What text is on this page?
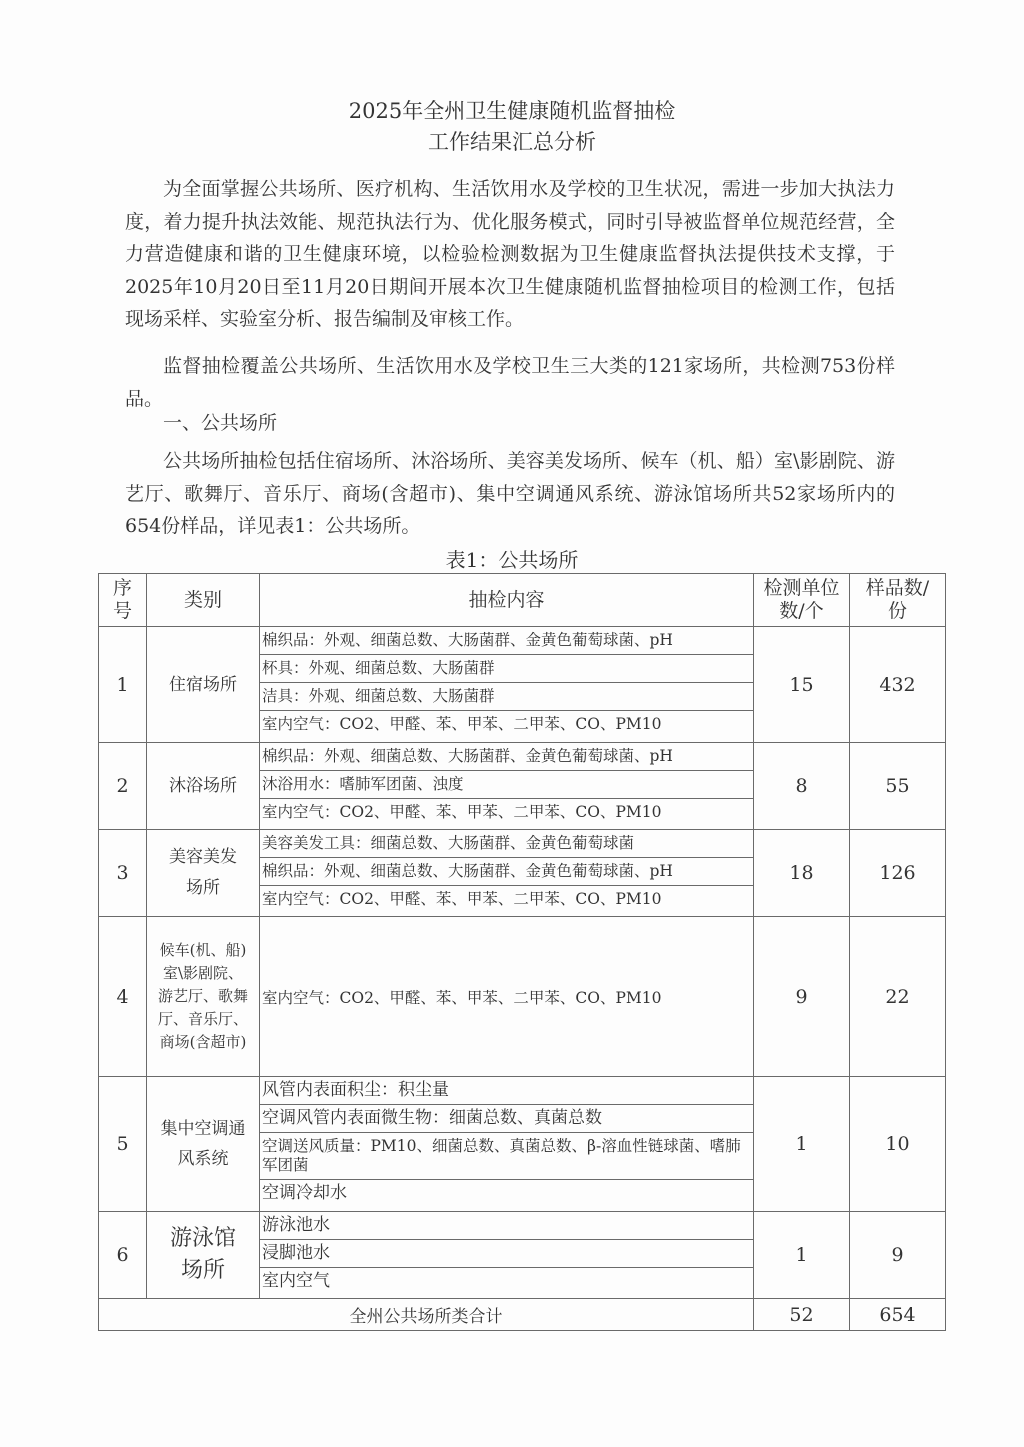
2025年全州卫生健康随机监督抽检
工作结果汇总分析

为全面掌握公共场所、医疗机构、生活饮用水及学校的卫生状况，需进一步加大执法力度，着力提升执法效能、规范执法行为、优化服务模式，同时引导被监督单位规范经营，全力营造健康和谐的卫生健康环境，以检验检测数据为卫生健康监督执法提供技术支撑，于2025年10月20日至11月20日期间开展本次卫生健康随机监督抽检项目的检测工作，包括现场采样、实验室分析、报告编制及审核工作。

监督抽检覆盖公共场所、生活饮用水及学校卫生三大类的121家场所，共检测753份样品。

一、公共场所

公共场所抽检包括住宿场所、沐浴场所、美容美发场所、候车（机、船）室\影剧院、游艺厅、歌舞厅、音乐厅、商场(含超市)、集中空调通风系统、游泳馆场所共52家场所内的654份样品，详见表1：公共场所。

表1：公共场所
序号	类别	抽检内容	检测单位数/个	样品数/份

1	住宿场所	棉织品：外观、细菌总数、大肠菌群、金黄色葡萄球菌、pH
杯具：外观、细菌总数、大肠菌群
洁具：外观、细菌总数、大肠菌群
室内空气：CO2、甲醛、苯、甲苯、二甲苯、CO、PM10	15	432
2	沐浴场所	棉织品：外观、细菌总数、大肠菌群、金黄色葡萄球菌、pH
沐浴用水：嗜肺军团菌、浊度
室内空气：CO2、甲醛、苯、甲苯、二甲苯、CO、PM10	8	55
3	美容美发场所	美容美发工具：细菌总数、大肠菌群、金黄色葡萄球菌
棉织品：外观、细菌总数、大肠菌群、金黄色葡萄球菌、pH
室内空气：CO2、甲醛、苯、甲苯、二甲苯、CO、PM10	18	126
4	候车(机、船)室\影剧院、游艺厅、歌舞厅、音乐厅、商场(含超市)	室内空气：CO2、甲醛、苯、甲苯、二甲苯、CO、PM10	9	22
5	集中空调通风系统	风管内表面积尘：积尘量
空调风管内表面微生物：细菌总数、真菌总数
空调送风质量：PM10、细菌总数、真菌总数、β-溶血性链球菌、嗜肺军团菌
空调冷却水	1	10
6	游泳馆场所	游泳池水
浸脚池水
室内空气	1	9
全州公共场所类合计			52	654
